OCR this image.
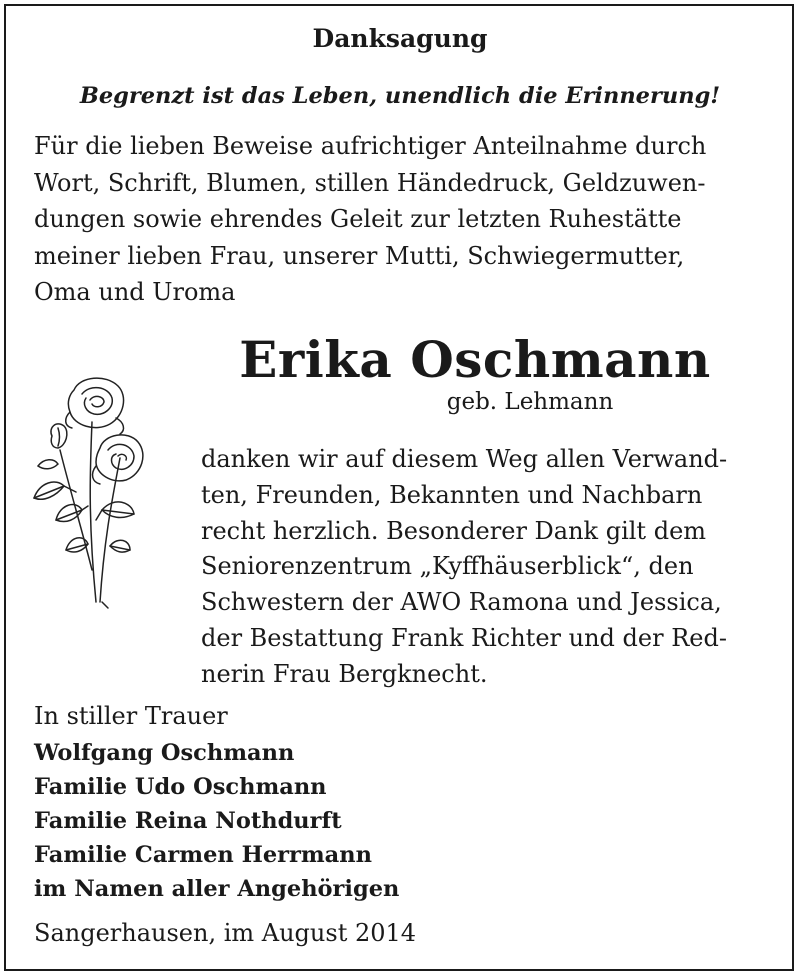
Danksagung
Begrenzt ist das Leben, unendlich die Erinnerung!
Für die lieben Beweise aufrichtiger Anteilnahme durch
Wort, Schrift, Blumen, stillen Händedruck, Geldzuwen-
dungen sowie ehrendes Geleit zur letzten Ruhestätte
meiner lieben Frau, unserer Mutti, Schwiegermutter,
Oma und Uroma
Erika Oschmann
geb. Lehmann
danken wir auf diesem Weg allen Verwand-
ten, Freunden, Bekannten und Nachbarn
recht herzlich. Besonderer Dank gilt dem
Seniorenzentrum „Kyffhäuserblick“, den
Schwestern der AWO Ramona und Jessica,
der Bestattung Frank Richter und der Red-
nerin Frau Bergknecht.
In stiller Trauer
Wolfgang Oschmann
Familie Udo Oschmann
Familie Reina Nothdurft
Familie Carmen Herrmann
im Namen aller Angehörigen
Sangerhausen, im August 2014
